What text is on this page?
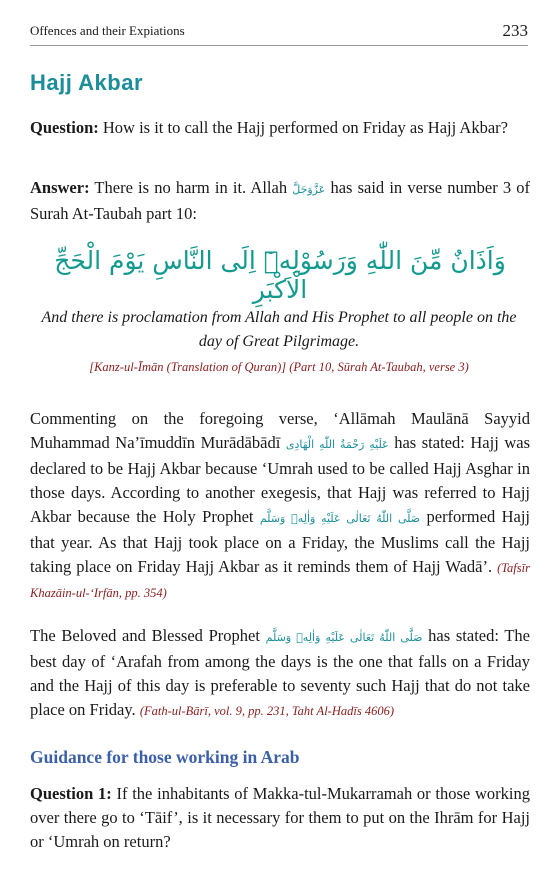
Offences and their Expiations	233
Hajj Akbar
Question: How is it to call the Hajj performed on Friday as Hajj Akbar?
Answer: There is no harm in it. Allah عَزَّوَجَلَّ has said in verse number 3 of Surah At-Taubah part 10:
وَاَذَانٌ مِّنَ اللّٰهِ وَرَسُوْلِهٖٓ اِلَى النَّاسِ يَوْمَ الْحَجِّ الْاَكْبَرِ
And there is proclamation from Allah and His Prophet to all people on the day of Great Pilgrimage.
[Kanz-ul-Īmān (Translation of Quran)] (Part 10, Sūrah At-Taubah, verse 3)
Commenting on the foregoing verse, ‘Allāmah Maulānā Sayyid Muhammad Na’īmuddīn Murādābādī عَلَيْهِ رَحْمَةُ اللّٰهِ الْهَادِی has stated: Hajj was declared to be Hajj Akbar because ‘Umrah used to be called Hajj Asghar in those days. According to another exegesis, that Hajj was referred to Hajj Akbar because the Holy Prophet صَلَّى اللّٰهُ تَعَالٰى عَلَيْهِ وَاٰلِهٖ وَسَلَّم performed Hajj that year. As that Hajj took place on a Friday, the Muslims call the Hajj taking place on Friday Hajj Akbar as it reminds them of Hajj Wadā’. (Tafsīr Khazāin-ul-‘Irfān, pp. 354)
The Beloved and Blessed Prophet صَلَّى اللّٰهُ تَعَالٰى عَلَيْهِ وَاٰلِهٖ وَسَلَّم has stated: The best day of ‘Arafah from among the days is the one that falls on a Friday and the Hajj of this day is preferable to seventy such Hajj that do not take place on Friday. (Fath-ul-Bārī, vol. 9, pp. 231, Taht Al-Hadīs 4606)
Guidance for those working in Arab
Question 1: If the inhabitants of Makka-tul-Mukarramah or those working over there go to ‘Tāif’, is it necessary for them to put on the Ihrām for Hajj or ‘Umrah on return?
